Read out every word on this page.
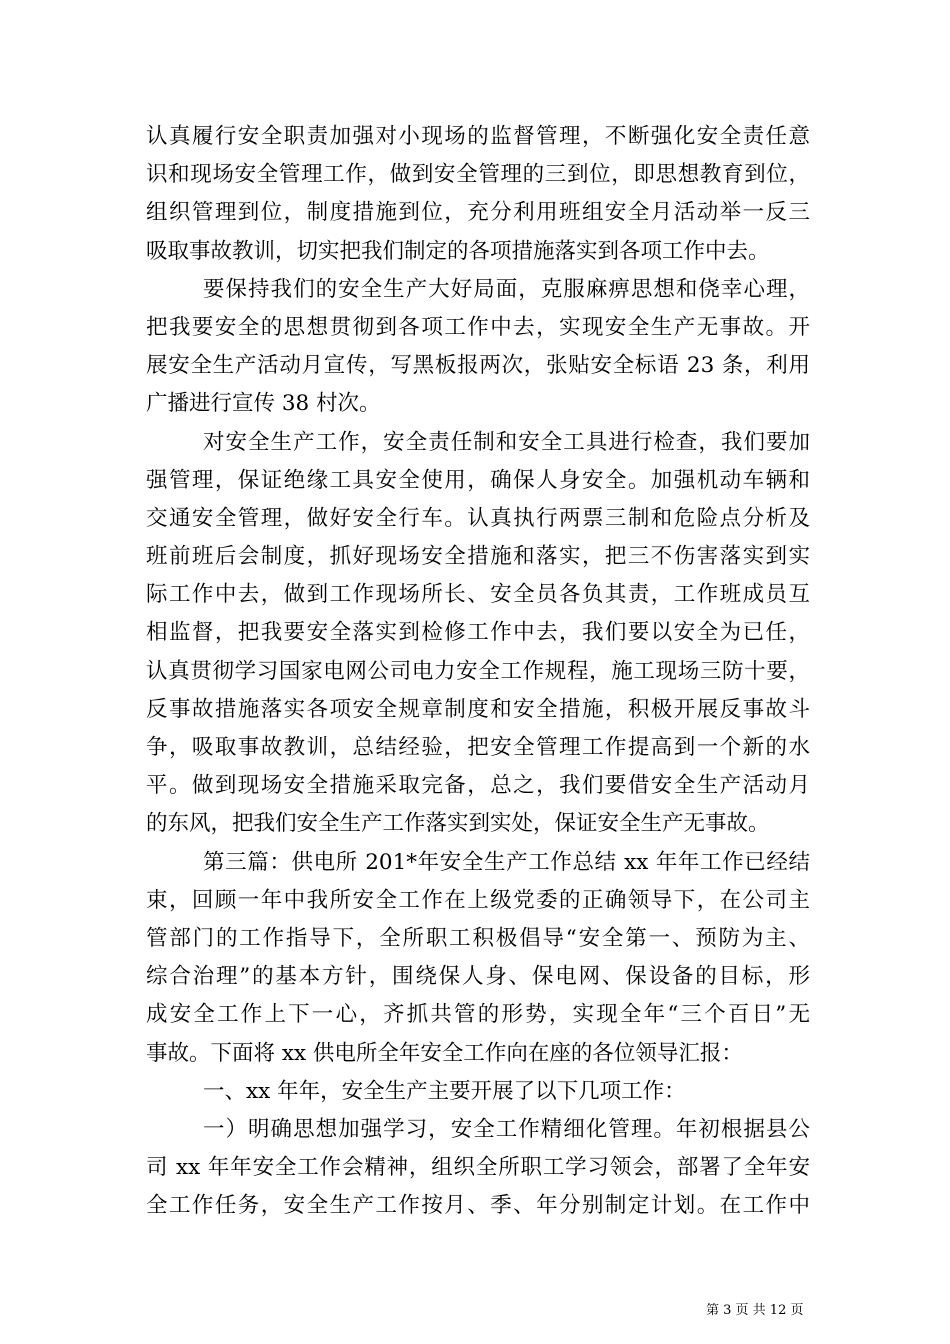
认真履行安全职责加强对小现场的监督管理，不断强化安全责任意
识和现场安全管理工作，做到安全管理的三到位，即思想教育到位，
组织管理到位，制度措施到位，充分利用班组安全月活动举一反三
吸取事故教训，切实把我们制定的各项措施落实到各项工作中去。
要保持我们的安全生产大好局面，克服麻痹思想和侥幸心理，
把我要安全的思想贯彻到各项工作中去，实现安全生产无事故。开
展安全生产活动月宣传，写黑板报两次，张贴安全标语 23 条，利用
广播进行宣传 38 村次。
对安全生产工作，安全责任制和安全工具进行检查，我们要加
强管理，保证绝缘工具安全使用，确保人身安全。加强机动车辆和
交通安全管理，做好安全行车。认真执行两票三制和危险点分析及
班前班后会制度，抓好现场安全措施和落实，把三不伤害落实到实
际工作中去，做到工作现场所长、安全员各负其责，工作班成员互
相监督，把我要安全落实到检修工作中去，我们要以安全为已任，
认真贯彻学习国家电网公司电力安全工作规程，施工现场三防十要，
反事故措施落实各项安全规章制度和安全措施，积极开展反事故斗
争，吸取事故教训，总结经验，把安全管理工作提高到一个新的水
平。做到现场安全措施采取完备，总之，我们要借安全生产活动月
的东风，把我们安全生产工作落实到实处，保证安全生产无事故。
第三篇：供电所 201*年安全生产工作总结 xx 年年工作已经结
束，回顾一年中我所安全工作在上级党委的正确领导下，在公司主
管部门的工作指导下，全所职工积极倡导“安全第一、预防为主、
综合治理”的基本方针，围绕保人身、保电网、保设备的目标，形
成安全工作上下一心，齐抓共管的形势，实现全年“三个百日”无
事故。下面将 xx 供电所全年安全工作向在座的各位领导汇报：
一、xx 年年，安全生产主要开展了以下几项工作：
一）明确思想加强学习，安全工作精细化管理。年初根据县公
司 xx 年年安全工作会精神，组织全所职工学习领会，部署了全年安
全工作任务，安全生产工作按月、季、年分别制定计划。在工作中
第 3 页 共 12 页
